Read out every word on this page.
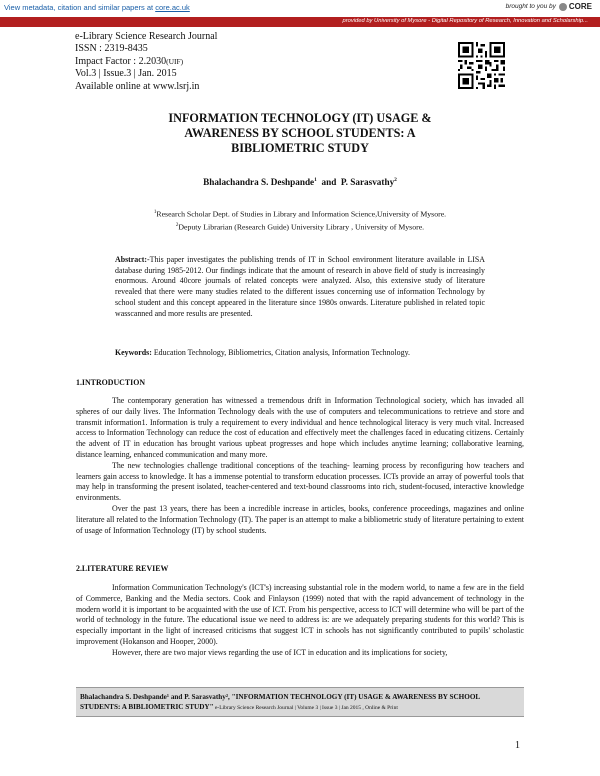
View metadata, citation and similar papers at core.ac.uk	brought to you by CORE
provided by University of Mysore - Digital Repository of Research, Innovation and Scholarship...
e-Library Science Research Journal
ISSN : 2319-8435
Impact Factor : 2.2030(UIF)
Vol.3 | Issue.3 | Jan. 2015
Available online at www.lsrj.in
INFORMATION TECHNOLOGY (IT) USAGE &
AWARENESS BY SCHOOL STUDENTS: A
BIBLIOMETRIC STUDY
Bhalachandra S. Deshpande$^1$ and P. Sarasvathy$^2$
$^1$Research Scholar Dept. of Studies in Library and Information Science,University of Mysore.
$^2$Deputy Librarian (Research Guide) University Library , University of Mysore.
Abstract:-This paper investigates the publishing trends of IT in School environment literature available in LISA database during 1985-2012. Our findings indicate that the amount of research in above field of study is increasingly enormous. Around 40core journals of related concepts were analyzed. Also, this extensive study of literature revealed that there were many studies related to the different issues concerning use of information Technology by school student and this concept appeared in the literature since 1980s onwards. Literature published in related topic wasscanned and more results are presented.
Keywords: Education Technology, Bibliometrics, Citation analysis, Information Technology.
1.INTRODUCTION

The contemporary generation has witnessed a tremendous drift in Information Technological society, which has invaded all spheres of our daily lives. The Information Technology deals with the use of computers and telecommunications to retrieve and store and transmit information1. Information is truly a requirement to every individual and hence technological literacy is very much vital. Increased access to Information Technology can reduce the cost of education and effectively meet the challenges faced in educating citizens. Certainly the advent of IT in education has brought various upbeat progresses and hope which includes anytime learning; collaborative learning, distance learning, enhanced communication and many more.

The new technologies challenge traditional conceptions of the teaching- learning process by reconfiguring how teachers and learners gain access to knowledge. It has a immense potential to transform education processes. ICTs provide an array of powerful tools that may help in transforming the present isolated, teacher-centered and text-bound classrooms into rich, student-focused, interactive knowledge environments.

Over the past 13 years, there has been a incredible increase in articles, books, conference proceedings, magazines and online literature all related to the Information Technology (IT). The paper is an attempt to make a bibliometric study of literature pertaining to extent of usage of Information Technology (IT) by school students.

2.LITERATURE REVIEW

Information Communication Technology's (ICT's) increasing substantial role in the modern world, to name a few are in the field of Commerce, Banking and the Media sectors. Cook and Finlayson (1999) noted that with the rapid advancement of technology in the modern world it is important to be acquainted with the use of ICT. From his perspective, access to ICT will determine who will be part of the world of technology in the future. The educational issue we need to address is: are we adequately preparing students for this world? This is especially important in the light of increased criticisms that suggest ICT in schools has not significantly contributed to pupils' scholastic improvement (Hokanson and Hooper, 2000).

However, there are two major views regarding the use of ICT in education and its implications for society,

Bhalachandra S. Deshpande¹ and P. Sarasvathy², "INFORMATION TECHNOLOGY (IT) USAGE & AWARENESS BY SCHOOL STUDENTS: A BIBLIOMETRIC STUDY" e-Library Science Research Journal | Volume 3 | Issue 3 | Jan 2015 , Online & Print
1
